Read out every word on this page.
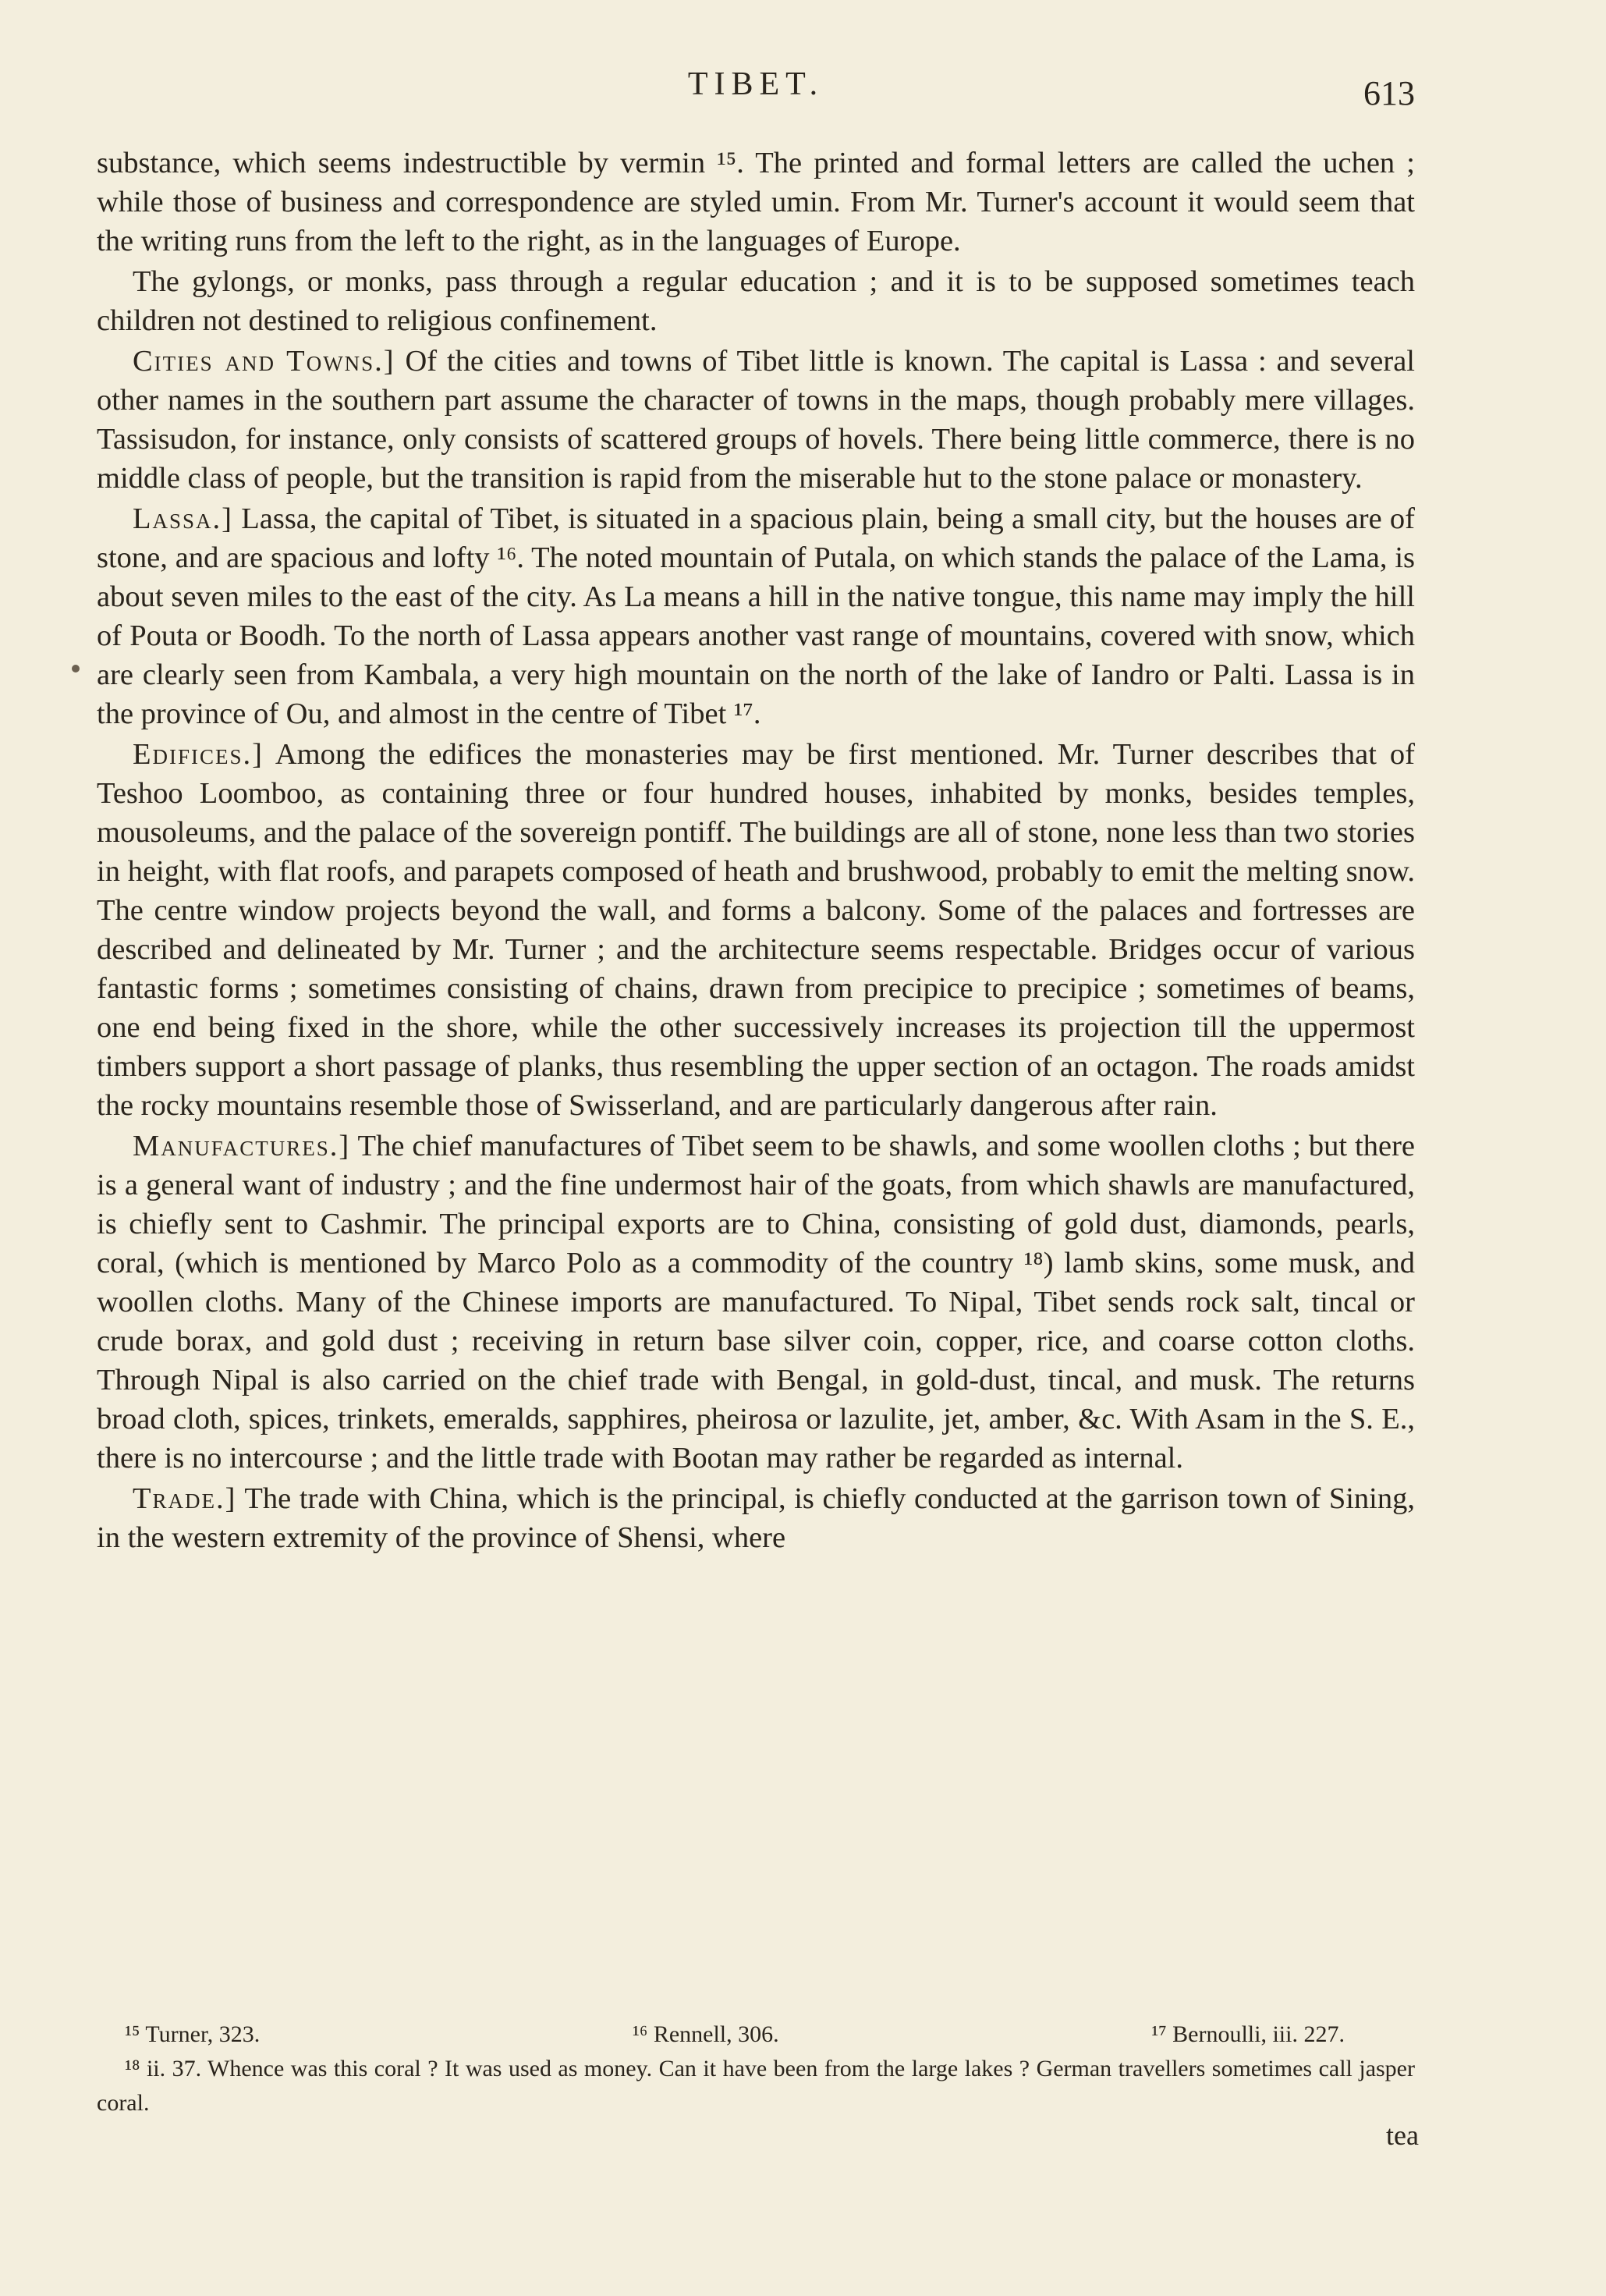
TIBET.	613

substance, which seems indestructible by vermin ¹⁵. The printed and formal letters are called the uchen ; while those of business and correspondence are styled umin. From Mr. Turner's account it would seem that the writing runs from the left to the right, as in the languages of Europe.

The gylongs, or monks, pass through a regular education ; and it is to be supposed sometimes teach children not destined to religious confinement.

Cities and Towns.] Of the cities and towns of Tibet little is known. The capital is Lassa : and several other names in the southern part assume the character of towns in the maps, though probably mere villages. Tassisudon, for instance, only consists of scattered groups of hovels. There being little commerce, there is no middle class of people, but the transition is rapid from the miserable hut to the stone palace or monastery.

Lassa.] Lassa, the capital of Tibet, is situated in a spacious plain, being a small city, but the houses are of stone, and are spacious and lofty ¹⁶. The noted mountain of Putala, on which stands the palace of the Lama, is about seven miles to the east of the city. As La means a hill in the native tongue, this name may imply the hill of Pouta or Boodh. To the north of Lassa appears another vast range of mountains, covered with snow, which are clearly seen from Kambala, a very high mountain on the north of the lake of Iandro or Palti. Lassa is in the province of Ou, and almost in the centre of Tibet ¹⁷.

Edifices.] Among the edifices the monasteries may be first mentioned. Mr. Turner describes that of Teshoo Loomboo, as containing three or four hundred houses, inhabited by monks, besides temples, mousoleums, and the palace of the sovereign pontiff. The buildings are all of stone, none less than two stories in height, with flat roofs, and parapets composed of heath and brushwood, probably to emit the melting snow. The centre window projects beyond the wall, and forms a balcony. Some of the palaces and fortresses are described and delineated by Mr. Turner ; and the architecture seems respectable. Bridges occur of various fantastic forms ; sometimes consisting of chains, drawn from precipice to precipice ; sometimes of beams, one end being fixed in the shore, while the other successively increases its projection till the uppermost timbers support a short passage of planks, thus resembling the upper section of an octagon. The roads amidst the rocky mountains resemble those of Swisserland, and are particularly dangerous after rain.

Manufactures.] The chief manufactures of Tibet seem to be shawls, and some woollen cloths ; but there is a general want of industry ; and the fine undermost hair of the goats, from which shawls are manufactured, is chiefly sent to Cashmir. The principal exports are to China, consisting of gold dust, diamonds, pearls, coral, (which is mentioned by Marco Polo as a commodity of the country ¹⁸) lamb skins, some musk, and woollen cloths. Many of the Chinese imports are manufactured. To Nipal, Tibet sends rock salt, tincal or crude borax, and gold dust ; receiving in return base silver coin, copper, rice, and coarse cotton cloths. Through Nipal is also carried on the chief trade with Bengal, in gold-dust, tincal, and musk. The returns broad cloth, spices, trinkets, emeralds, sapphires, pheirosa or lazulite, jet, amber, &c. With Asam in the S. E., there is no intercourse ; and the little trade with Bootan may rather be regarded as internal.

Trade.] The trade with China, which is the principal, is chiefly conducted at the garrison town of Sining, in the western extremity of the province of Shensi, where

¹⁵ Turner, 323.	¹⁶ Rennell, 306.	¹⁷ Bernoulli, iii. 227.
¹⁸ ii. 37. Whence was this coral ? It was used as money. Can it have been from the large lakes ? German travellers sometimes call jasper coral.
tea
